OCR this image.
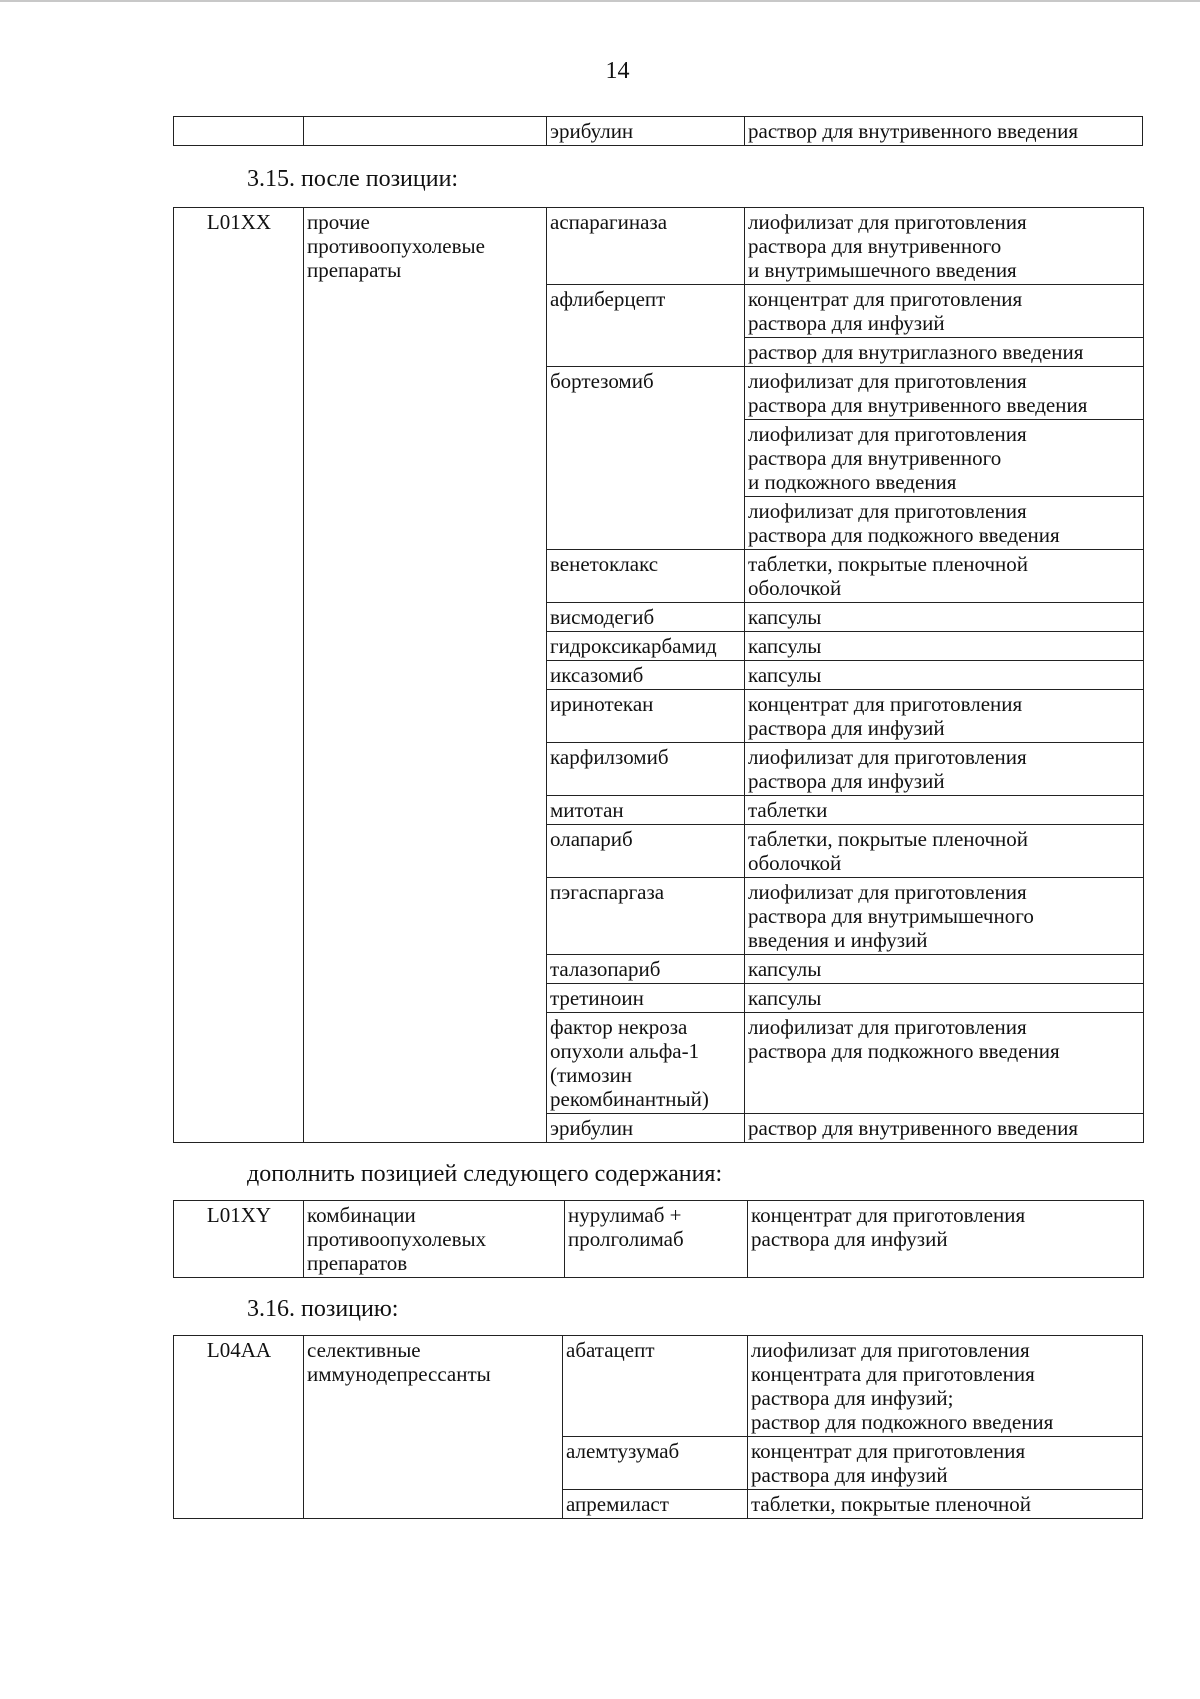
14
		эрибулин	раствор для внутривенного введения
3.15. после позиции:
L01XX	прочие
противоопухолевые
препараты	аспарагиназа	лиофилизат для приготовления
раствора для внутривенного
и внутримышечного введения
		афлиберцепт	концентрат для приготовления
раствора для инфузий
			раствор для внутриглазного введения
		бортезомиб	лиофилизат для приготовления
раствора для внутривенного введения
			лиофилизат для приготовления
раствора для внутривенного
и подкожного введения
			лиофилизат для приготовления
раствора для подкожного введения
		венетоклакс	таблетки, покрытые пленочной
оболочкой
		висмодегиб	капсулы
		гидроксикарбамид	капсулы
		иксазомиб	капсулы
		иринотекан	концентрат для приготовления
раствора для инфузий
		карфилзомиб	лиофилизат для приготовления
раствора для инфузий
		митотан	таблетки
		олапариб	таблетки, покрытые пленочной
оболочкой
		пэгаспаргаза	лиофилизат для приготовления
раствора для внутримышечного
введения и инфузий
		талазопариб	капсулы
		третиноин	капсулы
		фактор некроза
опухоли альфа-1
(тимозин
рекомбинантный)	лиофилизат для приготовления
раствора для подкожного введения
		эрибулин	раствор для внутривенного введения
дополнить позицией следующего содержания:
L01XY	комбинации
противоопухолевых
препаратов	нурулимаб +
пролголимаб	концентрат для приготовления
раствора для инфузий
3.16. позицию:
L04AA	селективные
иммунодепрессанты	абатацепт	лиофилизат для приготовления
концентрата для приготовления
раствора для инфузий;
раствор для подкожного введения
		алемтузумаб	концентрат для приготовления
раствора для инфузий
		апремиласт	таблетки, покрытые пленочной
